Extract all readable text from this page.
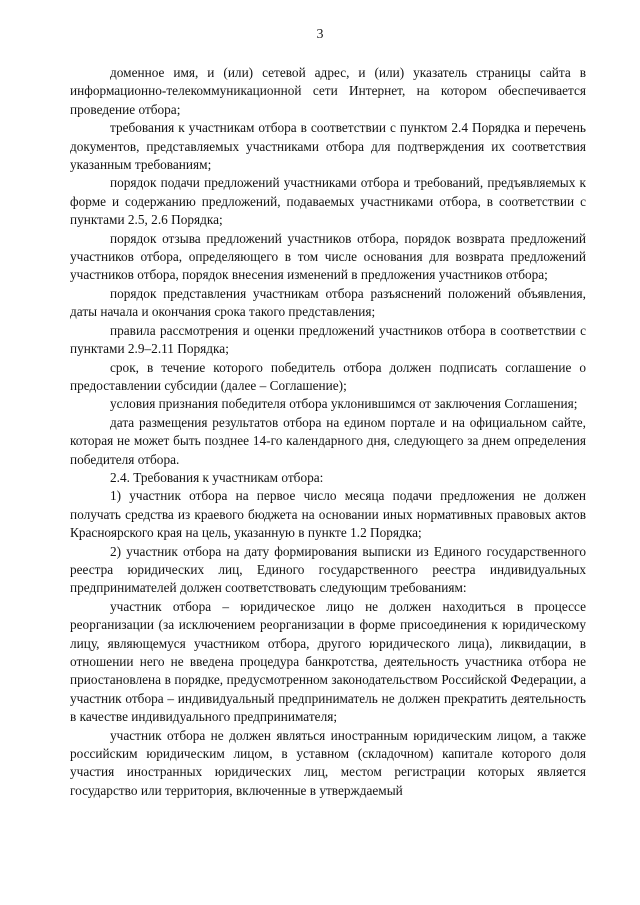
3

доменное имя, и (или) сетевой адрес, и (или) указатель страницы сайта в информационно-телекоммуникационной сети Интернет, на котором обеспечивается проведение отбора;

требования к участникам отбора в соответствии с пунктом 2.4 Порядка и перечень документов, представляемых участниками отбора для подтверждения их соответствия указанным требованиям;

порядок подачи предложений участниками отбора и требований, предъявляемых к форме и содержанию предложений, подаваемых участниками отбора, в соответствии с пунктами 2.5, 2.6 Порядка;

порядок отзыва предложений участников отбора, порядок возврата предложений участников отбора, определяющего в том числе основания для возврата предложений участников отбора, порядок внесения изменений в предложения участников отбора;

порядок представления участникам отбора разъяснений положений объявления, даты начала и окончания срока такого представления;

правила рассмотрения и оценки предложений участников отбора в соответствии с пунктами 2.9–2.11 Порядка;

срок, в течение которого победитель отбора должен подписать соглашение о предоставлении субсидии (далее – Соглашение);

условия признания победителя отбора уклонившимся от заключения Соглашения;

дата размещения результатов отбора на едином портале и на официальном сайте, которая не может быть позднее 14-го календарного дня, следующего за днем определения победителя отбора.

2.4. Требования к участникам отбора:

1) участник отбора на первое число месяца подачи предложения не должен получать средства из краевого бюджета на основании иных нормативных правовых актов Красноярского края на цель, указанную в пункте 1.2 Порядка;

2) участник отбора на дату формирования выписки из Единого государственного реестра юридических лиц, Единого государственного реестра индивидуальных предпринимателей должен соответствовать следующим требованиям:

участник отбора – юридическое лицо не должен находиться в процессе реорганизации (за исключением реорганизации в форме присоединения к юридическому лицу, являющемуся участником отбора, другого юридического лица), ликвидации, в отношении него не введена процедура банкротства, деятельность участника отбора не приостановлена в порядке, предусмотренном законодательством Российской Федерации, а участник отбора – индивидуальный предприниматель не должен прекратить деятельность в качестве индивидуального предпринимателя;

участник отбора не должен являться иностранным юридическим лицом, а также российским юридическим лицом, в уставном (складочном) капитале которого доля участия иностранных юридических лиц, местом регистрации которых является государство или территория, включенные в утверждаемый
